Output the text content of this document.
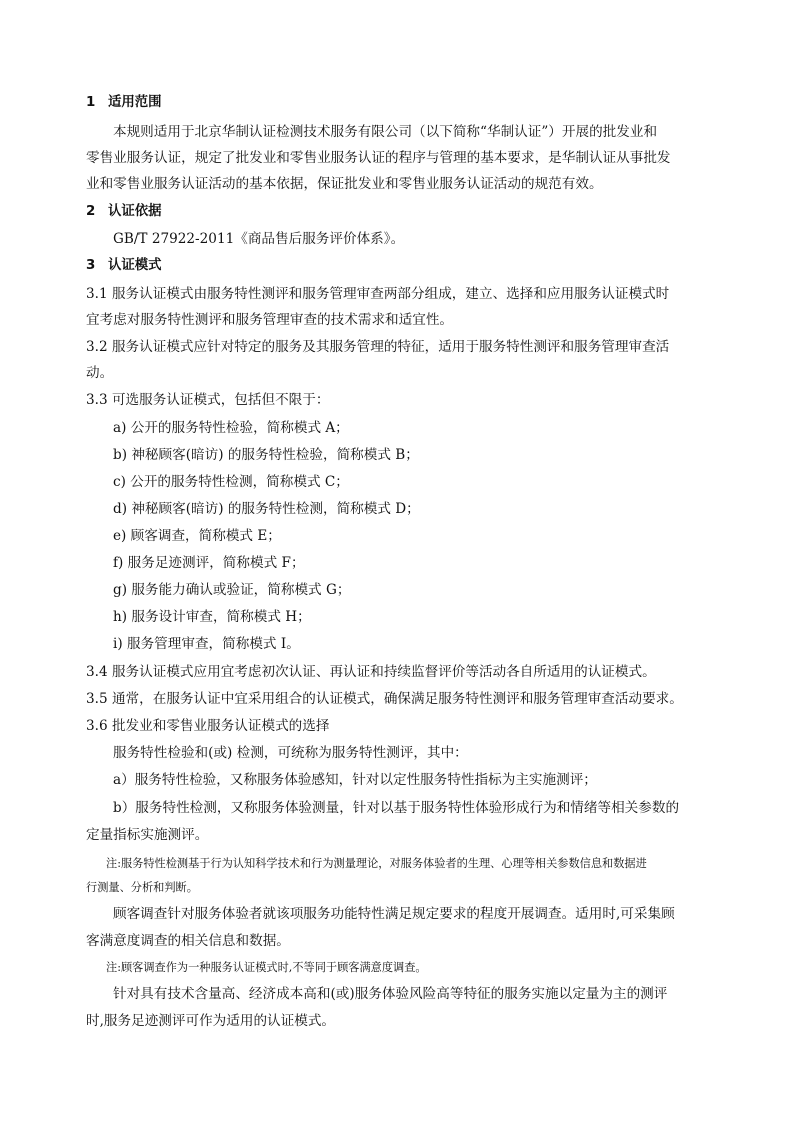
1 适用范围
本规则适用于北京华制认证检测技术服务有限公司（以下简称“华制认证”）开展的批发业和
零售业服务认证，规定了批发业和零售业服务认证的程序与管理的基本要求，是华制认证从事批发
业和零售业服务认证活动的基本依据，保证批发业和零售业服务认证活动的规范有效。
2 认证依据
GB/T 27922-2011《商品售后服务评价体系》。
3 认证模式
3.1 服务认证模式由服务特性测评和服务管理审查两部分组成，建立、选择和应用服务认证模式时
宜考虑对服务特性测评和服务管理审查的技术需求和适宜性。
3.2 服务认证模式应针对特定的服务及其服务管理的特征，适用于服务特性测评和服务管理审查活
动。
3.3 可选服务认证模式，包括但不限于：
a) 公开的服务特性检验，简称模式 A；
b) 神秘顾客(暗访) 的服务特性检验，简称模式 B；
c) 公开的服务特性检测，简称模式 C；
d) 神秘顾客(暗访) 的服务特性检测，简称模式 D；
e) 顾客调查，简称模式 E；
f) 服务足迹测评，简称模式 F；
g) 服务能力确认或验证，简称模式 G；
h) 服务设计审查，简称模式 H；
i) 服务管理审查，简称模式 I。
3.4 服务认证模式应用宜考虑初次认证、再认证和持续监督评价等活动各自所适用的认证模式。
3.5 通常，在服务认证中宜采用组合的认证模式，确保满足服务特性测评和服务管理审查活动要求。
3.6 批发业和零售业服务认证模式的选择
服务特性检验和(或) 检测，可统称为服务特性测评，其中：
a）服务特性检验，又称服务体验感知，针对以定性服务特性指标为主实施测评；
b）服务特性检测，又称服务体验测量，针对以基于服务特性体验形成行为和情绪等相关参数的
定量指标实施测评。
注:服务特性检测基于行为认知科学技术和行为测量理论，对服务体验者的生理、心理等相关参数信息和数据进
行测量、分析和判断。
顾客调查针对服务体验者就该项服务功能特性满足规定要求的程度开展调查。适用时,可采集顾
客满意度调查的相关信息和数据。
注:顾客调查作为一种服务认证模式时,不等同于顾客满意度调查。
针对具有技术含量高、经济成本高和(或)服务体验风险高等特征的服务实施以定量为主的测评
时,服务足迹测评可作为适用的认证模式。
